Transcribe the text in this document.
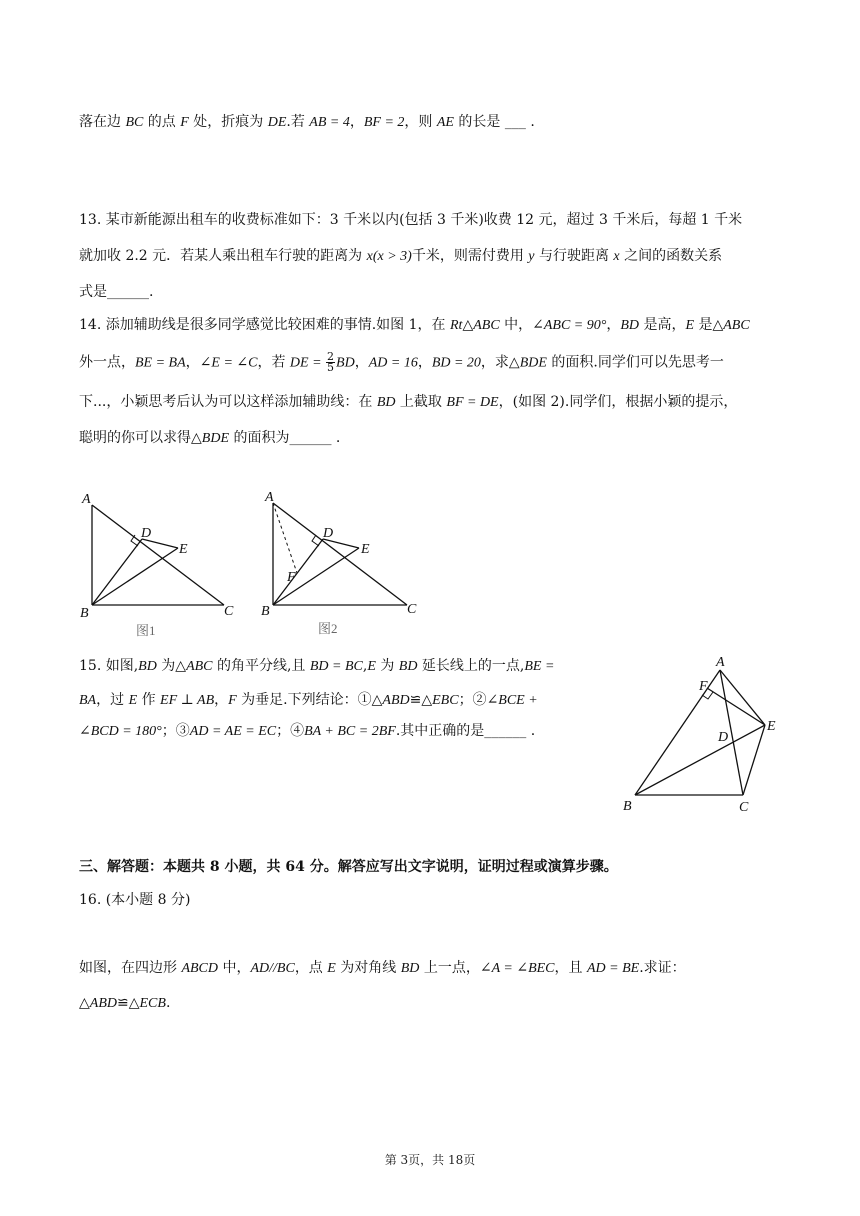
落在边 BC 的点 F 处，折痕为 DE.若 AB = 4，BF = 2，则 AE 的长是 ___ .
13. 某市新能源出租车的收费标准如下：3 千米以内(包括 3 千米)收费 12 元，超过 3 千米后，每超 1 千米
就加收 2.2 元．若某人乘出租车行驶的距离为 x(x > 3)千米，则需付费用 y 与行驶距离 x 之间的函数关系
式是______.
14. 添加辅助线是很多同学感觉比较困难的事情.如图 1，在 Rt△ABC 中，∠ABC = 90°，BD 是高，E 是△ABC
外一点，BE = BA，∠E = ∠C，若 DE = $\frac{2}{5}$ BD，AD = 16，BD = 20，求△BDE 的面积.同学们可以先思考一
下...，小颖思考后认为可以这样添加辅助线：在 BD 上截取 BF = DE，(如图 2).同学们，根据小颖的提示，
聪明的你可以求得△BDE 的面积为______ .
A
B	C
D
E
图1
A
B	C
D
E
F
图2
15. 如图,BD 为△ABC 的角平分线,且 BD = BC,E 为 BD 延长线上的一点,BE =
BA，过 E 作 EF ⊥ AB，F 为垂足.下列结论：①△ABD≌△EBC；②∠BCE +
∠BCD = 180°；③AD = AE = EC；④BA + BC = 2BF.其中正确的是______ .
A
B	C
D
E
F
三、解答题：本题共 8 小题，共 64 分。解答应写出文字说明，证明过程或演算步骤。
16. (本小题 8 分)
如图，在四边形 ABCD 中，AD//BC，点 E 为对角线 BD 上一点，∠A = ∠BEC，且 AD = BE.求证：
△ABD≌△ECB.
第 3页，共 18页
